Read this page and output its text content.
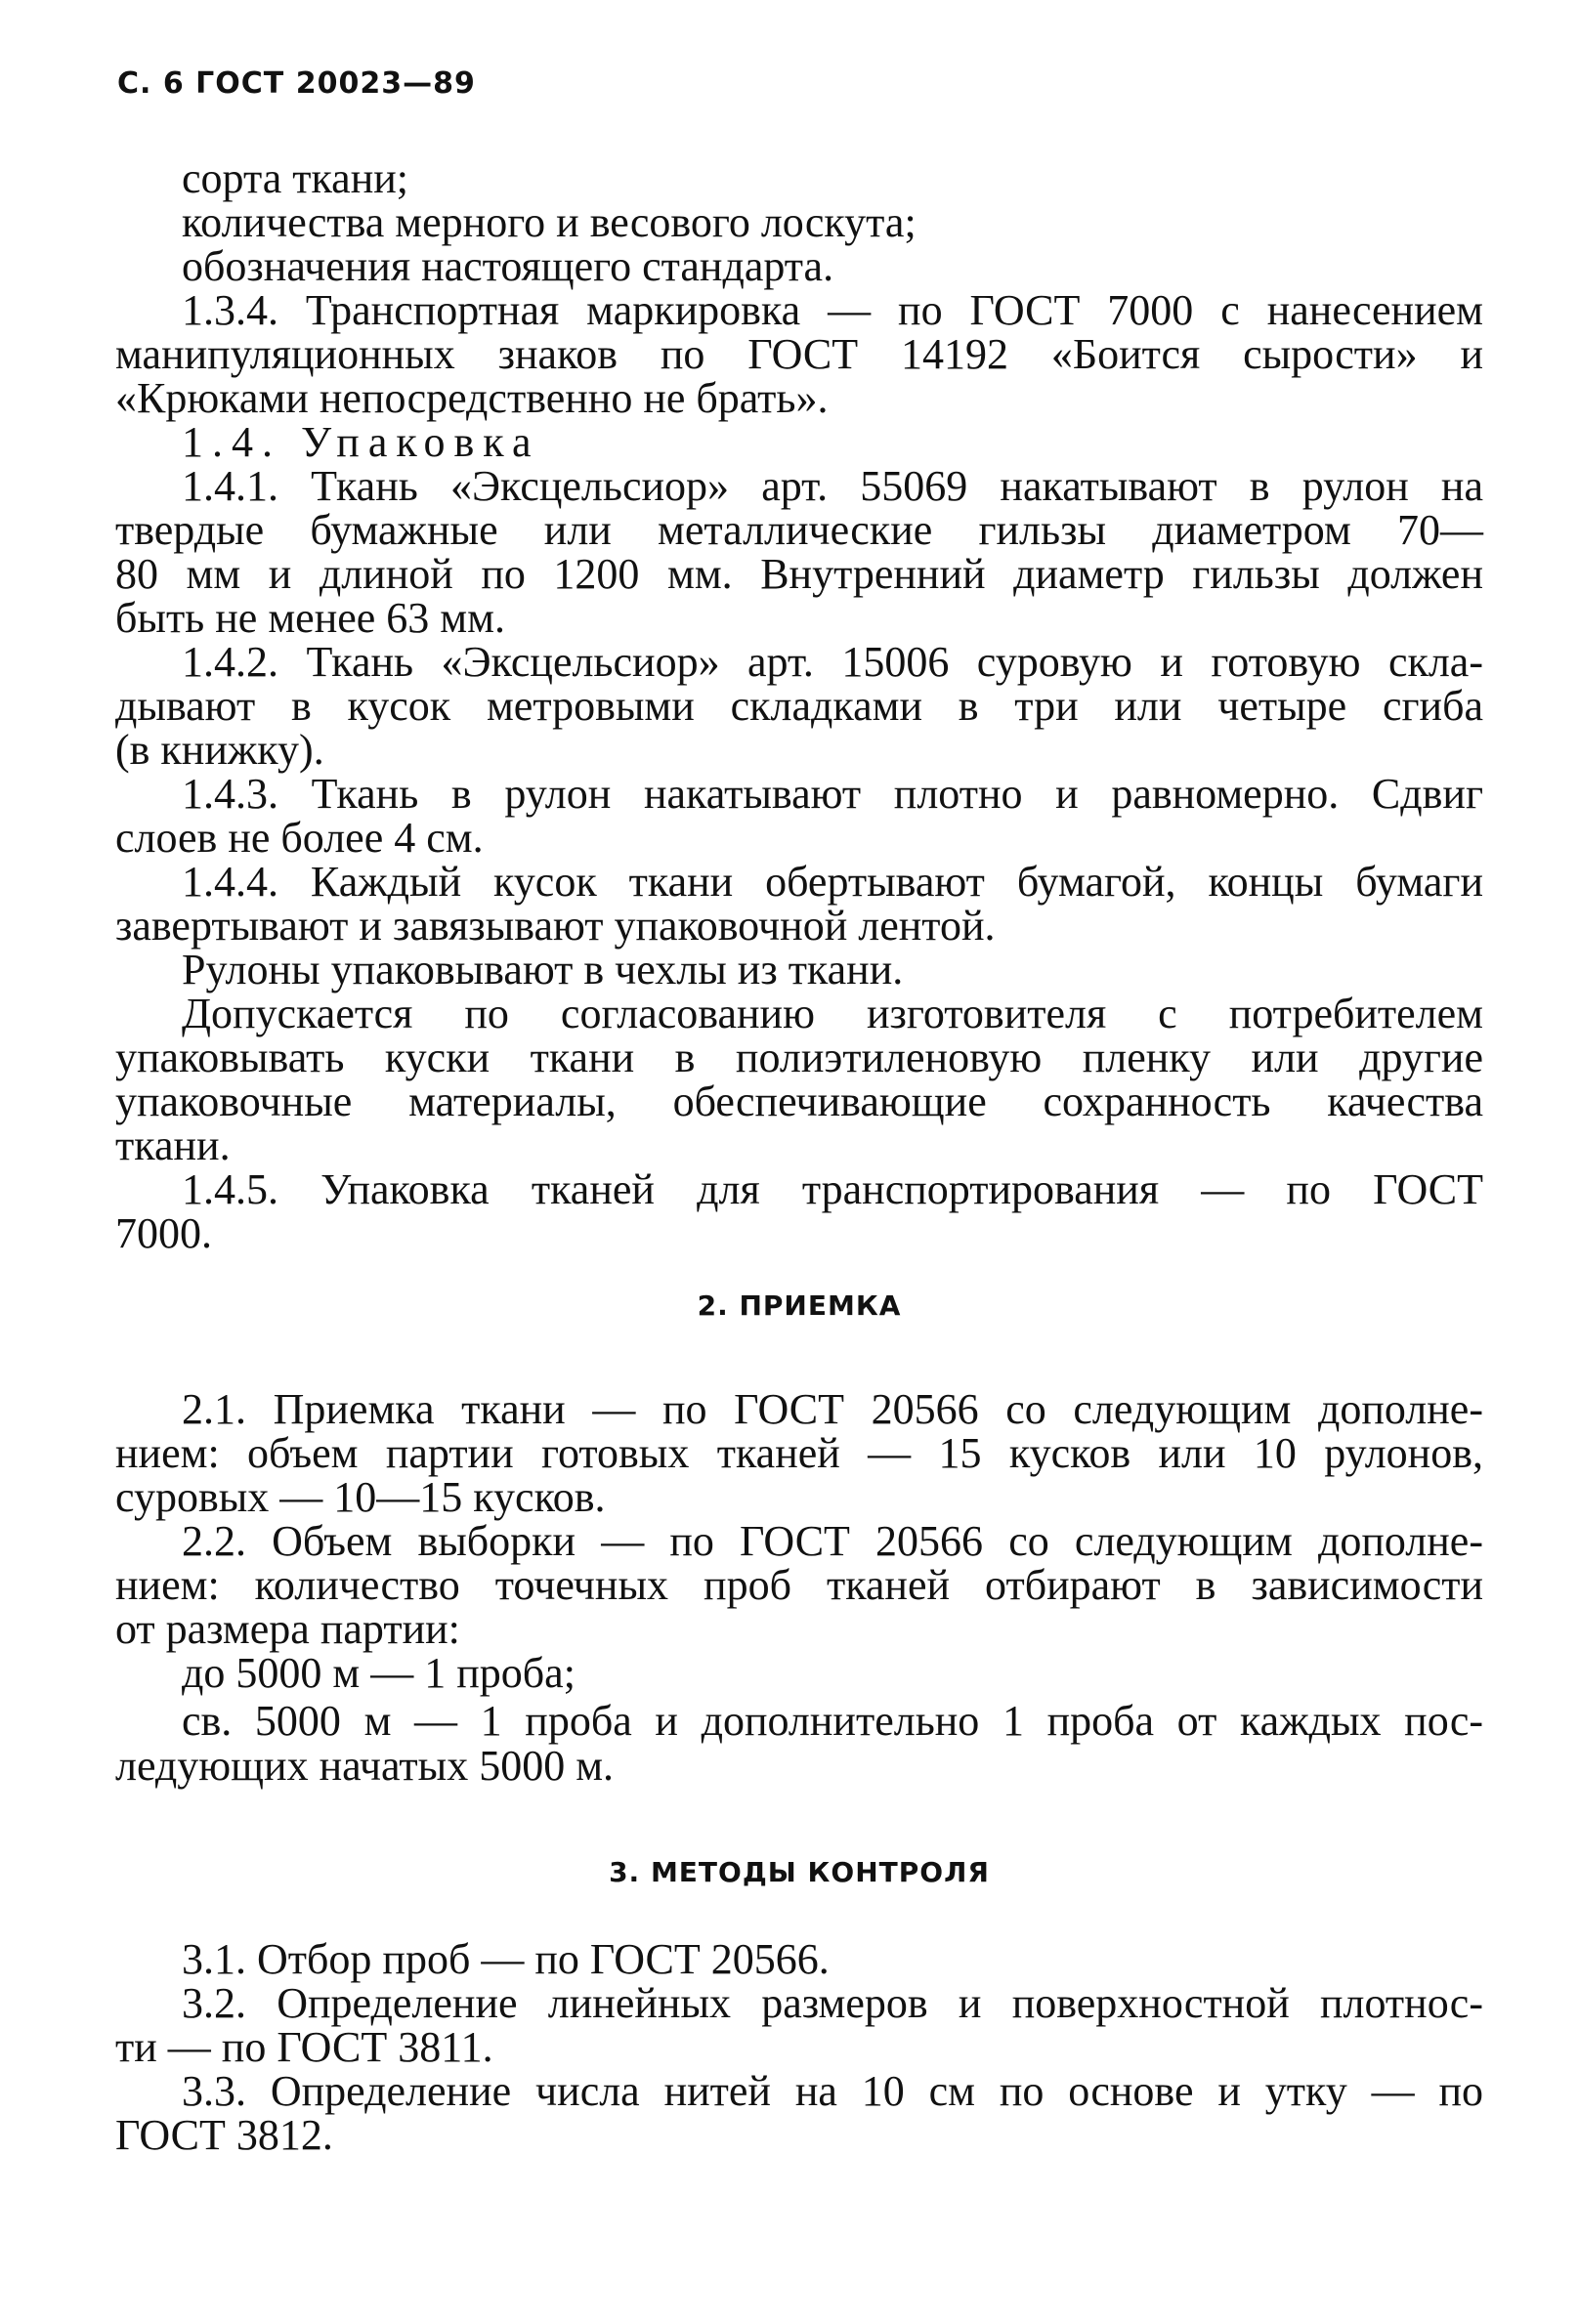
С. 6 ГОСТ 20023—89
сорта ткани;
количества мерного и весового лоскута;
обозначения настоящего стандарта.
1.3.4. Транспортная маркировка — по ГОСТ 7000 с нанесением
манипуляционных знаков по ГОСТ 14192 «Боится сырости» и
«Крюками непосредственно не брать».
1.4. Упаковка
1.4.1. Ткань «Эксцельсиор» арт. 55069 накатывают в рулон на
твердые бумажные или металлические гильзы диаметром 70—
80 мм и длиной по 1200 мм. Внутренний диаметр гильзы должен
быть не менее 63 мм.
1.4.2. Ткань «Эксцельсиор» арт. 15006 суровую и готовую скла-
дывают в кусок метровыми складками в три или четыре сгиба
(в книжку).
1.4.3. Ткань в рулон накатывают плотно и равномерно. Сдвиг
слоев не более 4 см.
1.4.4. Каждый кусок ткани обертывают бумагой, концы бумаги
завертывают и завязывают упаковочной лентой.
Рулоны упаковывают в чехлы из ткани.
Допускается по согласованию изготовителя с потребителем
упаковывать куски ткани в полиэтиленовую пленку или другие
упаковочные материалы, обеспечивающие сохранность качества
ткани.
1.4.5. Упаковка тканей для транспортирования — по ГОСТ
7000.
2. ПРИЕМКА
2.1. Приемка ткани — по ГОСТ 20566 со следующим дополне-
нием: объем партии готовых тканей — 15 кусков или 10 рулонов,
суровых — 10—15 кусков.
2.2. Объем выборки — по ГОСТ 20566 со следующим дополне-
нием: количество точечных проб тканей отбирают в зависимости
от размера партии:
до 5000 м — 1 проба;
св. 5000 м — 1 проба и дополнительно 1 проба от каждых пос-
ледующих начатых 5000 м.
3. МЕТОДЫ КОНТРОЛЯ
3.1. Отбор проб — по ГОСТ 20566.
3.2. Определение линейных размеров и поверхностной плотнос-
ти — по ГОСТ 3811.
3.3. Определение числа нитей на 10 см по основе и утку — по
ГОСТ 3812.
